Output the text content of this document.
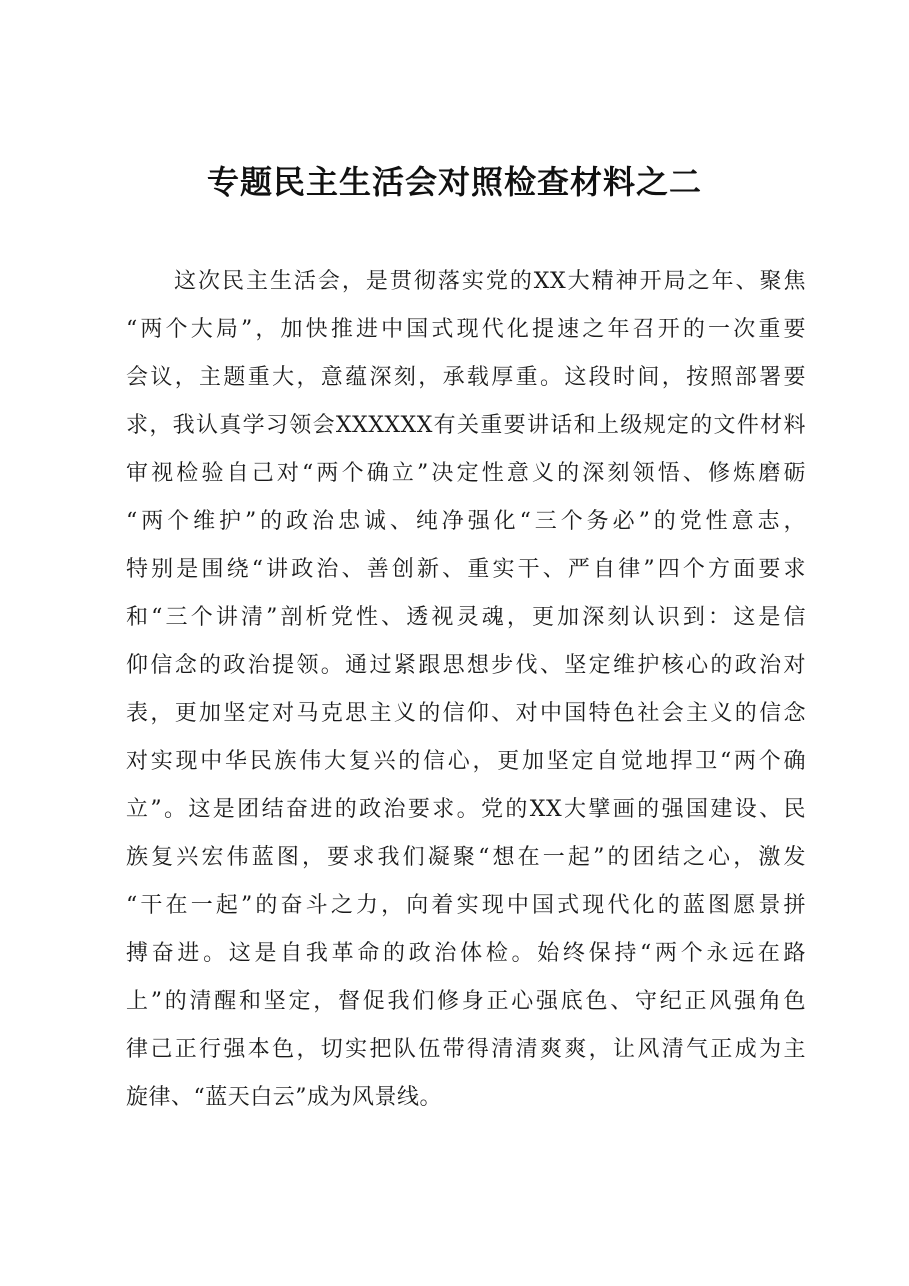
专题民主生活会对照检查材料之二
这次民主生活会，是贯彻落实党的XX大精神开局之年、聚焦
“两个大局”，加快推进中国式现代化提速之年召开的一次重要
会议，主题重大，意蕴深刻，承载厚重。这段时间，按照部署要
求，我认真学习领会XXXXXX有关重要讲话和上级规定的文件材料
审视检验自己对“两个确立”决定性意义的深刻领悟、修炼磨砺
“两个维护”的政治忠诚、纯净强化“三个务必”的党性意志，
特别是围绕“讲政治、善创新、重实干、严自律”四个方面要求
和“三个讲清”剖析党性、透视灵魂，更加深刻认识到：这是信
仰信念的政治提领。通过紧跟思想步伐、坚定维护核心的政治对
表，更加坚定对马克思主义的信仰、对中国特色社会主义的信念
对实现中华民族伟大复兴的信心，更加坚定自觉地捍卫“两个确
立”。这是团结奋进的政治要求。党的XX大擘画的强国建设、民
族复兴宏伟蓝图，要求我们凝聚“想在一起”的团结之心，激发
“干在一起”的奋斗之力，向着实现中国式现代化的蓝图愿景拼
搏奋进。这是自我革命的政治体检。始终保持“两个永远在路
上”的清醒和坚定，督促我们修身正心强底色、守纪正风强角色
律己正行强本色，切实把队伍带得清清爽爽，让风清气正成为主
旋律、“蓝天白云”成为风景线。
